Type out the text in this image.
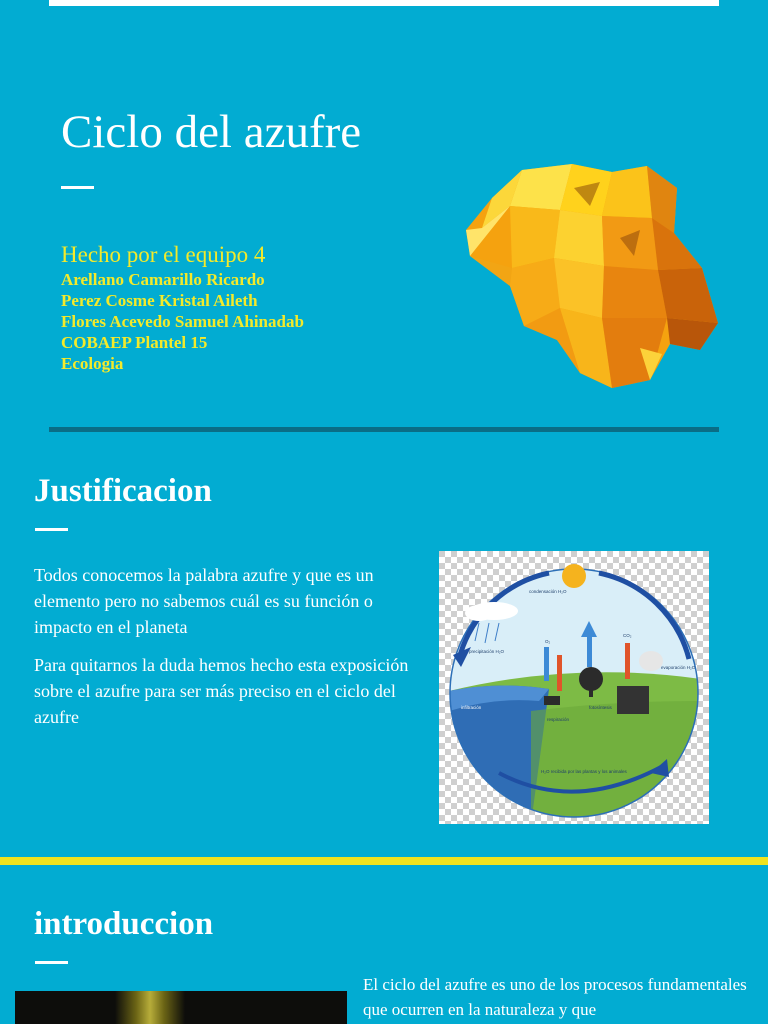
Ciclo del azufre
Hecho por el equipo 4
Arellano Camarillo Ricardo
Perez Cosme Kristal Aileth
Flores Acevedo Samuel Ahinadab
COBAEP Plantel 15
Ecologia
Justificacion

Todos conocemos la palabra azufre y que es un elemento pero no sabemos cuál es su función o impacto en el planeta

Para quitarnos la duda hemos hecho esta exposición sobre el azufre para ser más preciso en el ciclo del azufre

condensación H₂O
precipitación H₂O
evaporación H₂O
fotosíntesis
respiración
infiltración
H₂O recibida por las plantas y los animales
O₂
CO₂
introduccion

El ciclo del azufre es uno de los procesos fundamentales que ocurren en la naturaleza y que
